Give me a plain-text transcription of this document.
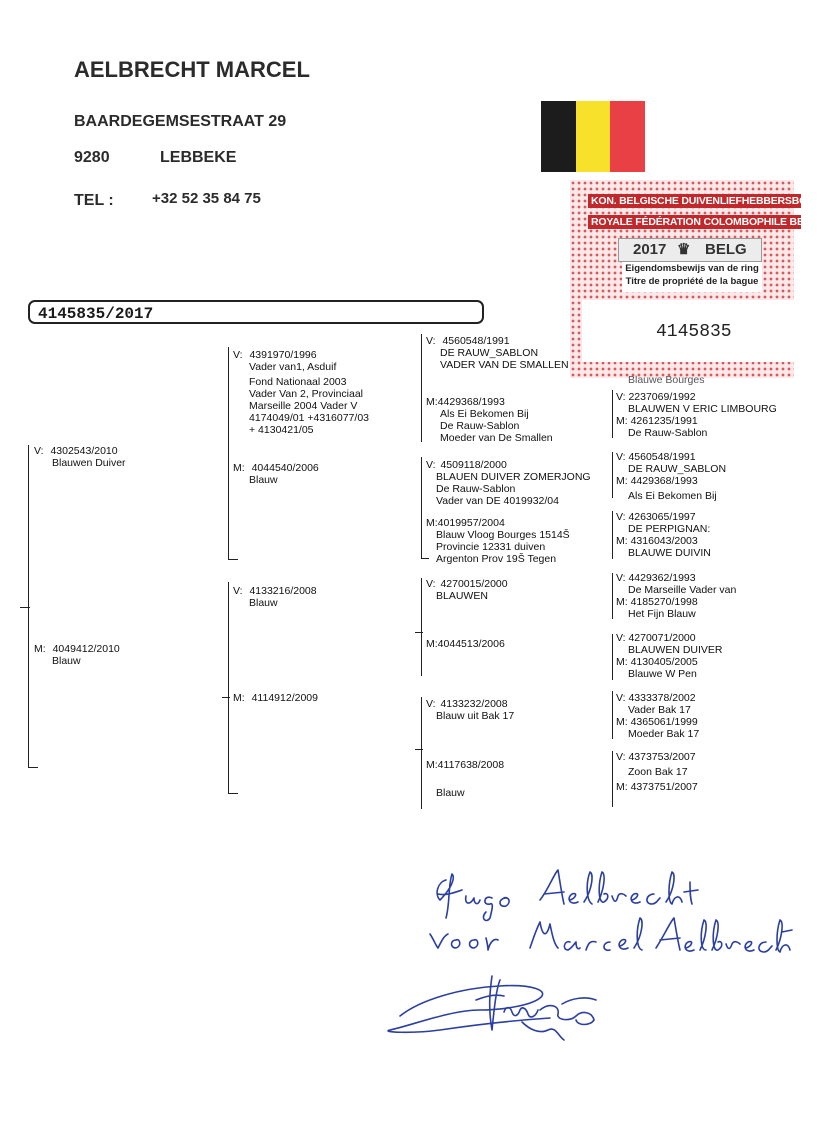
AELBRECHT MARCEL
BAARDEGEMSESTRAAT 29
9280	LEBBEKE
TEL :	+32 52 35 84 75	KON. BELGISCHE DUIVENLIEFHEBBERSBON
ROYALE FÉDÉRATION COLOMBOPHILE BELG
2017 ♛ BELG
Eigendomsbewijs van de ring
Titre de propriété de la bague
4145835
4145835/2017
V: 4302543/2010
Blauwen Duiver
M: 4049412/2010
Blauw
V: 4391970/1996

Vader van1, Asduif
Fond Nationaal 2003
Vader Van 2, Provinciaal
Marseille 2004 Vader V
4174049/01 +4316077/03
+ 4130421/05
M: 4044540/2006
Blauw
V: 4133216/2008
Blauw
M: 4114912/2009
V: 4560548/1991
DE RAUW_SABLON
VADER VAN DE SMALLEN
M:4429368/1993
Als Ei Bekomen Bij
De Rauw-Sablon
Moeder van De Smallen
V: 4509118/2000
BLAUEN DUIVER ZOMERJONG
De Rauw-Sablon
Vader van DE 4019932/04
M:4019957/2004
Blauw Vloog Bourges 1514Š
Provincie 12331 duiven
Argenton Prov 19Š Tegen
V: 4270015/2000
BLAUWEN
M:4044513/2006
V: 4133232/2008
Blauw uit Bak 17
M:4117638/2008
Blauw
Blauwe Bourges
V: 2237069/1992
BLAUWEN V ERIC LIMBOURG
M: 4261235/1991
De Rauw-Sablon
V: 4560548/1991
DE RAUW_SABLON
M: 4429368/1993
Als Ei Bekomen Bij
V: 4263065/1997
DE PERPIGNAN:
M: 4316043/2003
BLAUWE DUIVIN
V: 4429362/1993
De Marseille Vader van
M: 4185270/1998
Het Fijn Blauw
V: 4270071/2000
BLAUWEN DUIVER
M: 4130405/2005
Blauwe W Pen
V: 4333378/2002
Vader Bak 17
M: 4365061/1999
Moeder Bak 17
V: 4373753/2007
Zoon Bak 17
M: 4373751/2007
